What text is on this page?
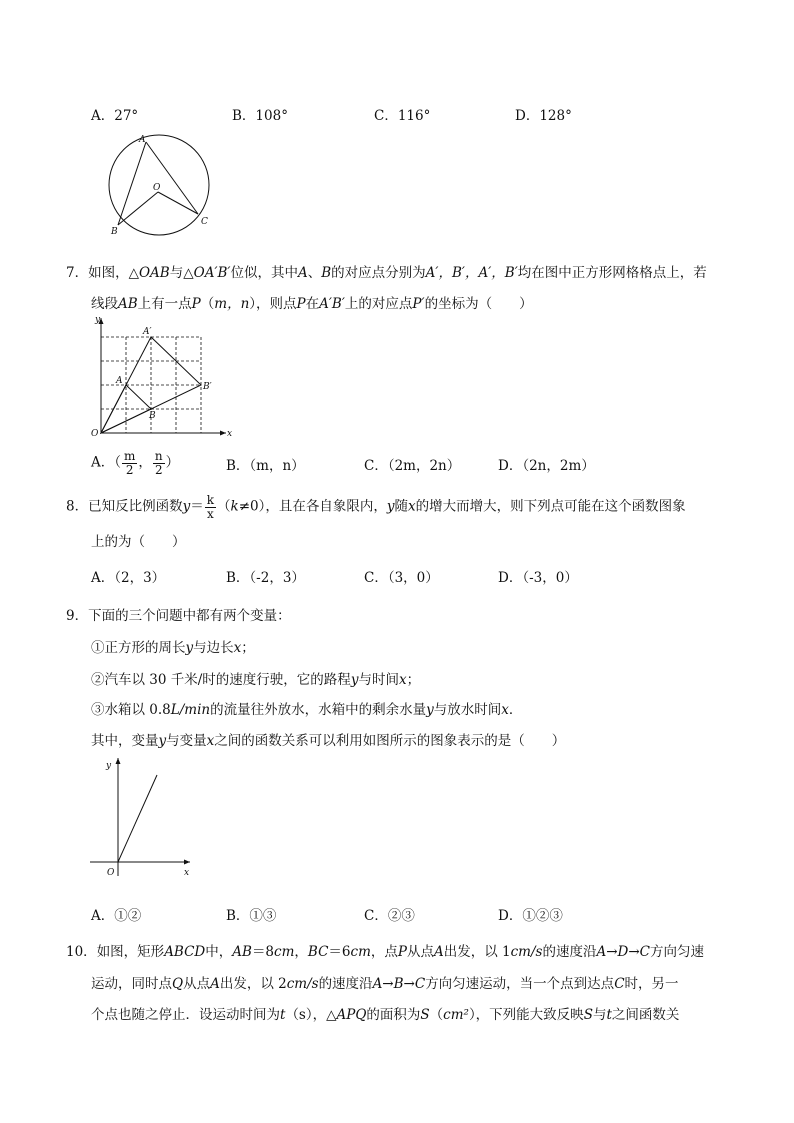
A．27°	B．108°	C．116°	D．128°
A
O
B
C
7．如图，△OAB与△OA′B′位似，其中A、B的对应点分别为A′，B′，A′，B′均在图中正方形网格格点上，若
线段AB上有一点P（m，n），则点P在A′B′上的对应点P′的坐标为（　　）
y
x
O
A
B
A′
B′
A．（ $\frac{m}{2}$ ， $\frac{n}{2}$ ）	B．（m，n）	C．（2m，2n）	D．（2n，2m）
8．已知反比例函数$y= \frac{k}{x} (k\ne 0)$，且在各自象限内，y随x的增大而增大，则下列点可能在这个函数图象
上的为（　　）
A．（2，3）	B．（-2，3）	C．（3，0）	D．（-3，0）
9．下面的三个问题中都有两个变量：
①正方形的周长y与边长x；
②汽车以 30 千米/时的速度行驶，它的路程y与时间x；
③水箱以 0.8L/min的流量往外放水，水箱中的剩余水量y与放水时间x．
其中，变量y与变量x之间的函数关系可以利用如图所示的图象表示的是（　　）
y
x
O
A．①②	B．①③	C．②③	D．①②③
10．如图，矩形ABCD中，AB＝8cm，BC＝6cm，点P从点A出发，以 1cm/s的速度沿A→D→C方向匀速
运动，同时点Q从点A出发，以 2cm/s的速度沿A→B→C方向匀速运动，当一个点到达点C时，另一
个点也随之停止．设运动时间为t（s），△APQ的面积为S（cm²），下列能大致反映S与t之间函数关
